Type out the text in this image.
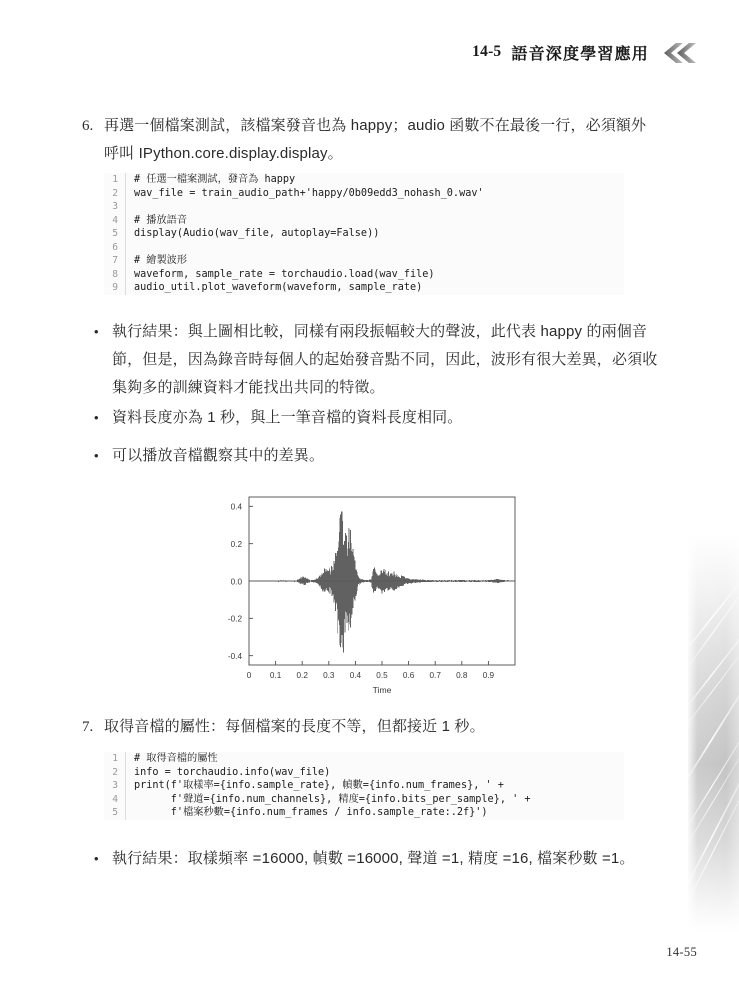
14-5 語音深度學習應用
6. 再選一個檔案測試，該檔案發音也為 happy；audio 函數不在最後一行，必須額外呼叫 IPython.core.display.display。
1	# 任選一檔案測試，發音為 happy
2	wav_file = train_audio_path+'happy/0b09edd3_nohash_0.wav'
3
4	# 播放語音
5	display(Audio(wav_file, autoplay=False))
6
7	# 繪製波形
8	waveform, sample_rate = torchaudio.load(wav_file)
9	audio_util.plot_waveform(waveform, sample_rate)
• 執行結果：與上圖相比較，同樣有兩段振幅較大的聲波，此代表 happy 的兩個音節，但是，因為錄音時每個人的起始發音點不同，因此，波形有很大差異，必須收集夠多的訓練資料才能找出共同的特徵。
• 資料長度亦為 1 秒，與上一筆音檔的資料長度相同。
• 可以播放音檔觀察其中的差異。
0.4
0.2
0.0
-0.2
-0.4
0 0.1 0.2 0.3 0.4 0.5 0.6 0.7 0.8 0.9
Time
7. 取得音檔的屬性：每個檔案的長度不等，但都接近 1 秒。
1	# 取得音檔的屬性
2	info = torchaudio.info(wav_file)
3	print(f'取樣率={info.sample_rate}, 幀數={info.num_frames}, ' +
4	f'聲道={info.num_channels}, 精度={info.bits_per_sample}, ' +
5	f'檔案秒數={info.num_frames / info.sample_rate:.2f}')
• 執行結果：取樣頻率 =16000, 幀數 =16000, 聲道 =1, 精度 =16, 檔案秒數 =1。
14-55
